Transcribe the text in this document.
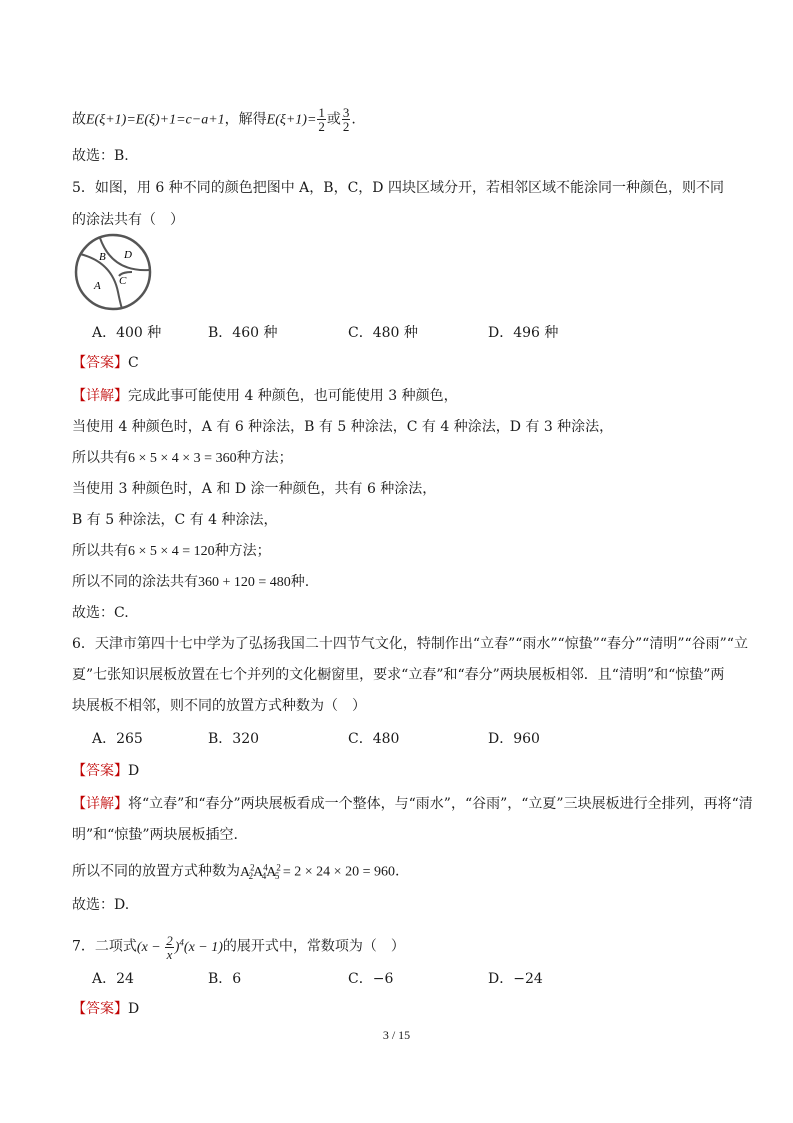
故E(ξ+1)=E(ξ)+1=c−a+1，解得$E(\xi+1)= \frac{1}{2}$ 或 $\frac{3}{2}$ .
故选：B.
5．如图，用 6 种不同的颜色把图中 A，B，C，D 四块区域分开，若相邻区域不能涂同一种颜色，则不同
的涂法共有（　）
A
B
C
D
A．400 种	B．460 种	C．480 种	D．496 种
【答案】C
【详解】完成此事可能使用 4 种颜色，也可能使用 3 种颜色，
当使用 4 种颜色时，A 有 6 种涂法，B 有 5 种涂法，C 有 4 种涂法，D 有 3 种涂法，
所以共有6 × 5 × 4 × 3 = 360种方法；
当使用 3 种颜色时，A 和 D 涂一种颜色，共有 6 种涂法，
B 有 5 种涂法，C 有 4 种涂法，
所以共有6 × 5 × 4 = 120种方法；
所以不同的涂法共有360 + 120 = 480种.
故选：C.
6．天津市第四十七中学为了弘扬我国二十四节气文化，特制作出“立春”“雨水”“惊蛰”“春分”“清明”“谷雨”“立
夏”七张知识展板放置在七个并列的文化橱窗里，要求“立春”和“春分”两块展板相邻．且“清明”和“惊蛰”两
块展板不相邻，则不同的放置方式种数为（　）
A．265	B．320	C．480	D．960
【答案】D
【详解】将“立春”和“春分”两块展板看成一个整体，与“雨水”，“谷雨”，“立夏”三块展板进行全排列，再将“清
明”和“惊蛰”两块展板插空.
所以不同的放置方式种数为$A^2_2A^4_4A^2_5 = 2 \times 24 \times 20 = 960$.
故选：D.
7．二项式$(x - \frac{2}{x} )^4(x - 1)$的展开式中，常数项为（　）
A．24	B．6	C．−6	D．−24
【答案】D
3 / 15
